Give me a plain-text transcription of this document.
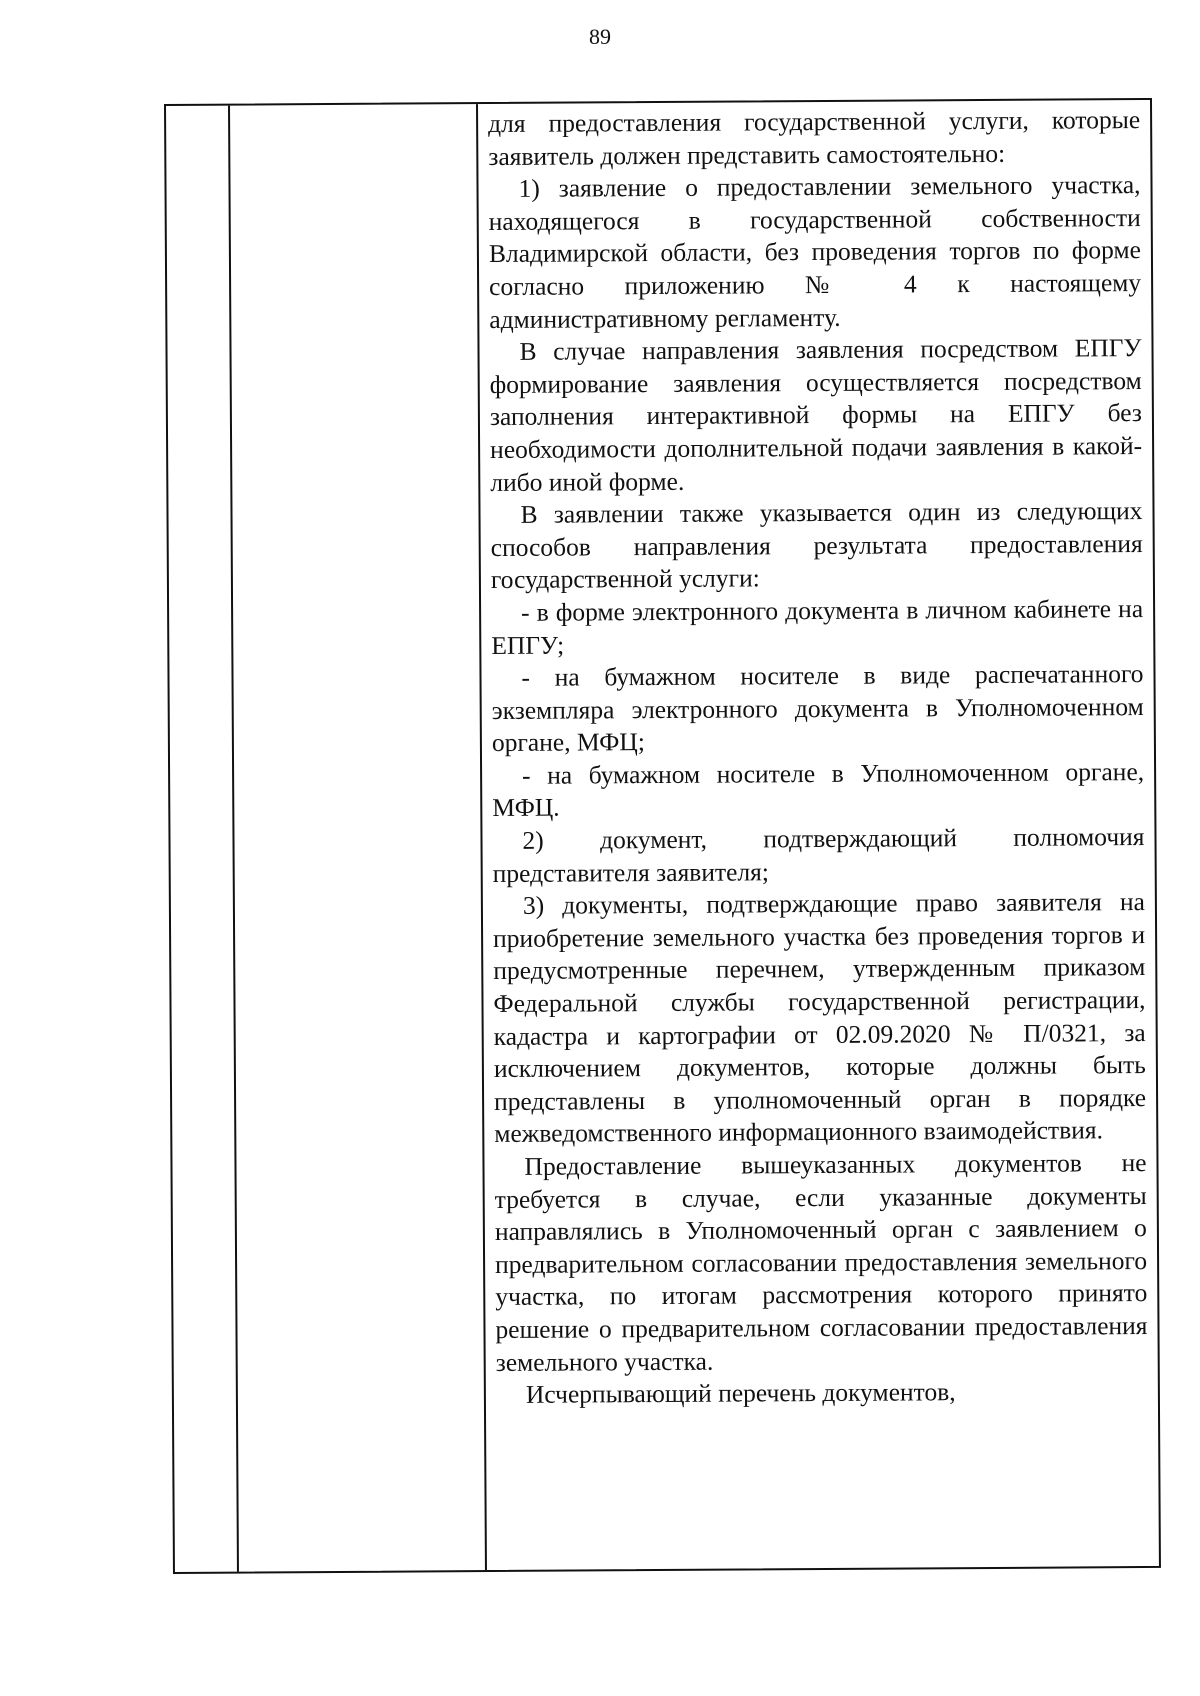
89

для предоставления государственной услуги, которые заявитель должен представить самостоятельно:

1) заявление о предоставлении земельного участка, находящегося в государственной собственности Владимирской области, без проведения торгов по форме согласно приложению № 4 к настоящему административному регламенту.

В случае направления заявления посредством ЕПГУ формирование заявления осуществляется посредством заполнения интерактивной формы на ЕПГУ без необходимости дополнительной подачи заявления в какой-либо иной форме.

В заявлении также указывается один из следующих способов направления результата предоставления государственной услуги:

- в форме электронного документа в личном кабинете на ЕПГУ;

- на бумажном носителе в виде распечатанного экземпляра электронного документа в Уполномоченном органе, МФЦ;

- на бумажном носителе в Уполномоченном органе, МФЦ.

2) документ, подтверждающий полномочия представителя заявителя;

3) документы, подтверждающие право заявителя на приобретение земельного участка без проведения торгов и предусмотренные перечнем, утвержденным приказом Федеральной службы государственной регистрации, кадастра и картографии от 02.09.2020 № П/0321, за исключением документов, которые должны быть представлены в уполномоченный орган в порядке межведомственного информационного взаимодействия.

Предоставление вышеуказанных документов не требуется в случае, если указанные документы направлялись в Уполномоченный орган с заявлением о предварительном согласовании предоставления земельного участка, по итогам рассмотрения которого принято решение о предварительном согласовании предоставления земельного участка.

Исчерпывающий перечень документов,
